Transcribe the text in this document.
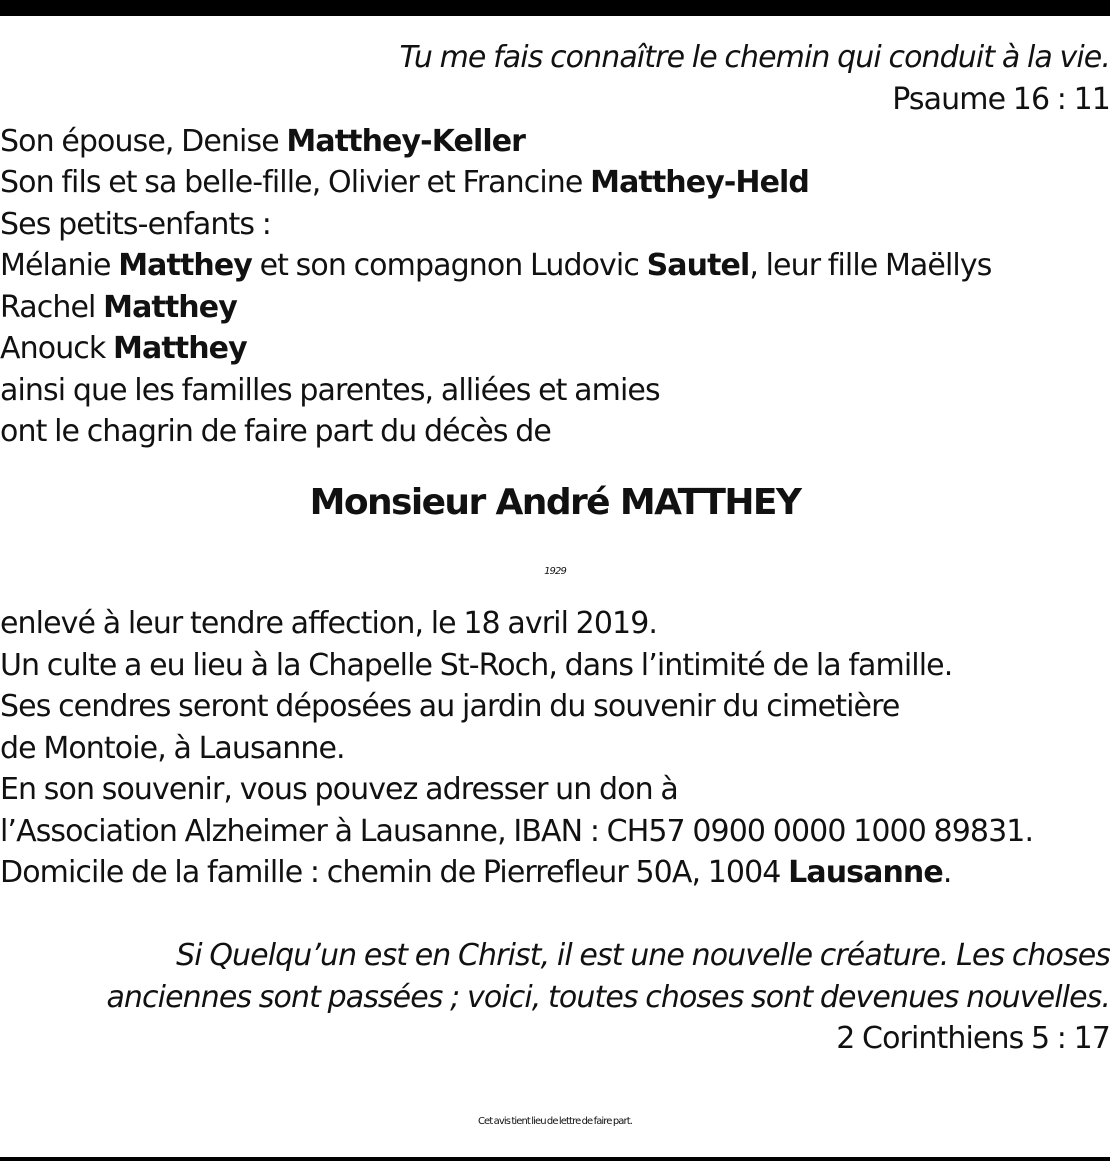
Tu me fais connaître le chemin qui conduit à la vie.
Psaume 16 : 11
Son épouse, Denise Matthey-Keller
Son fils et sa belle-fille, Olivier et Francine Matthey-Held
Ses petits-enfants :
Mélanie Matthey et son compagnon Ludovic Sautel, leur fille Maëllys
Rachel Matthey
Anouck Matthey
ainsi que les familles parentes, alliées et amies
ont le chagrin de faire part du décès de
Monsieur André MATTHEY
1929
enlevé à leur tendre affection, le 18 avril 2019.
Un culte a eu lieu à la Chapelle St-Roch, dans l’intimité de la famille.
Ses cendres seront déposées au jardin du souvenir du cimetière
de Montoie, à Lausanne.
En son souvenir, vous pouvez adresser un don à
l’Association Alzheimer à Lausanne, IBAN : CH57 0900 0000 1000 89831.
Domicile de la famille : chemin de Pierrefleur 50A, 1004 Lausanne.
Si Quelqu’un est en Christ, il est une nouvelle créature. Les choses
anciennes sont passées ; voici, toutes choses sont devenues nouvelles.
2 Corinthiens 5 : 17
Cet avis tient lieu de lettre de faire part.
